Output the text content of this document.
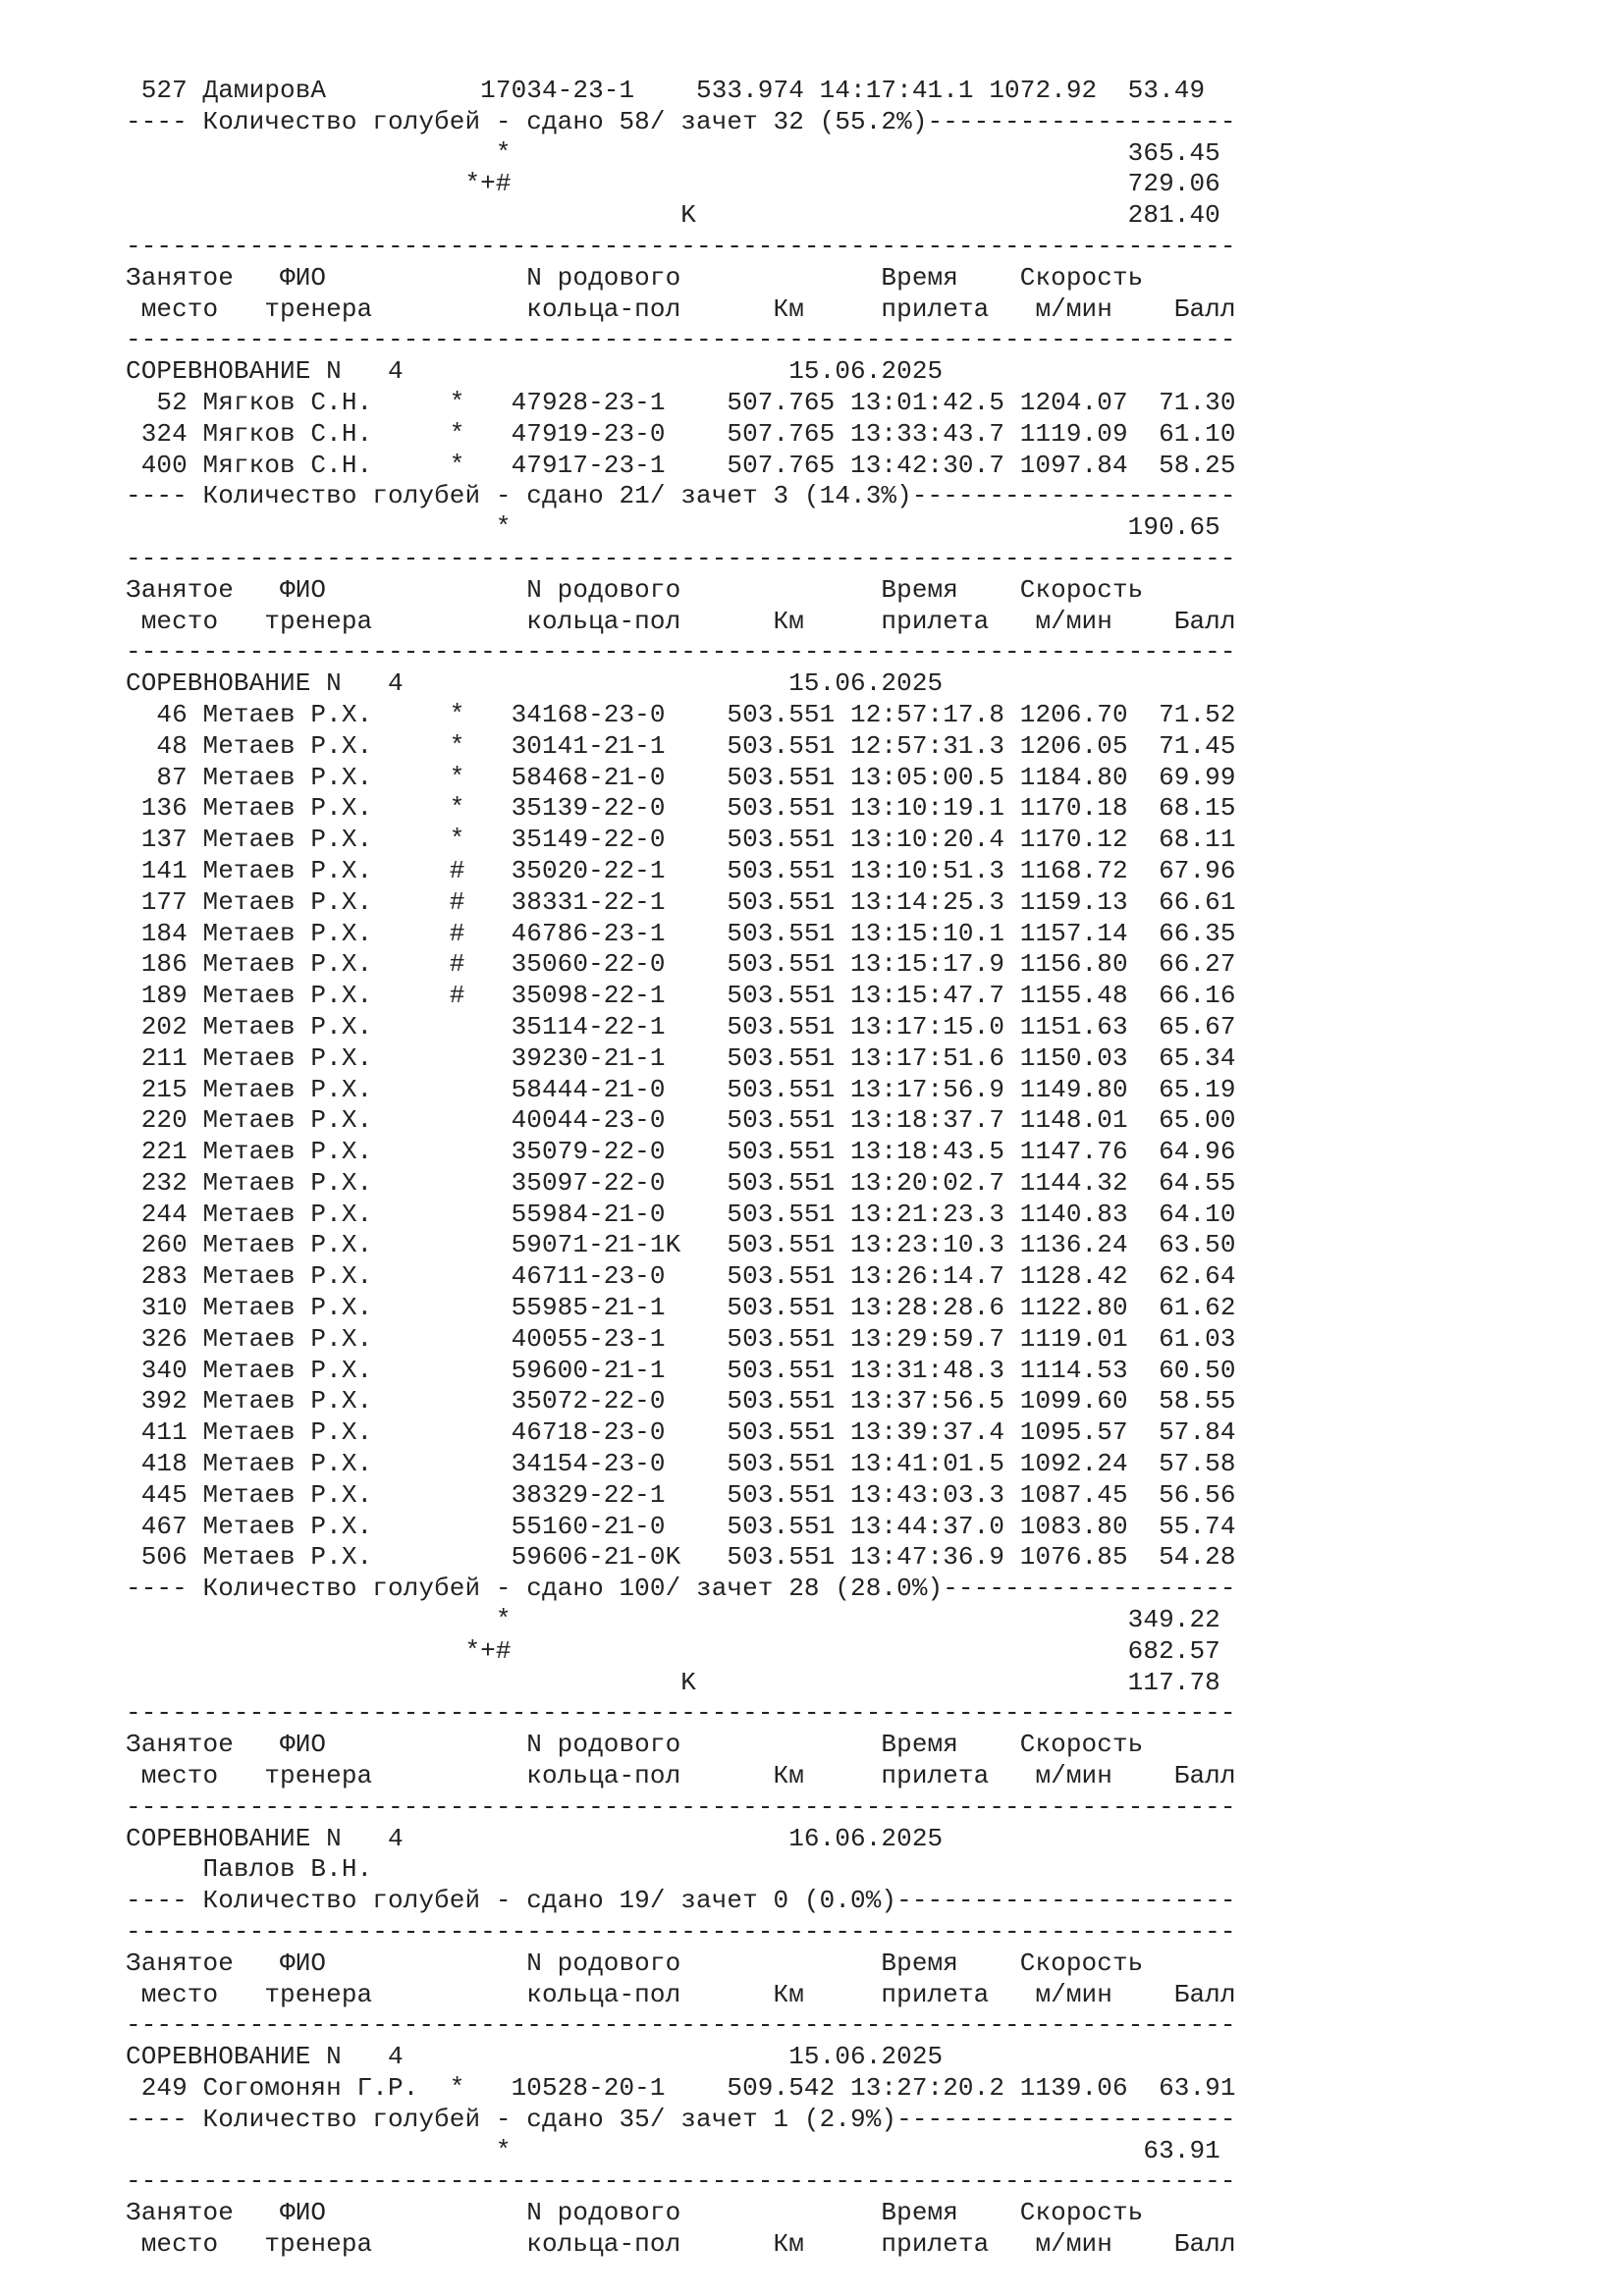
527 ДамировА          17034-23-1    533.974 14:17:41.1 1072.92  53.49
---- Количество голубей - сдано 58/ зачет 32 (55.2%)--------------------
*                                        365.45
*+#                                        729.06
K                            281.40
------------------------------------------------------------------------
Занятое   ФИО             N родового             Время    Скорость
место   тренера          кольца-пол      Км     прилета   м/мин    Балл
------------------------------------------------------------------------
СОРЕВНОВАНИЕ N   4                         15.06.2025
52 Мягков С.Н.     *   47928-23-1    507.765 13:01:42.5 1204.07  71.30
324 Мягков С.Н.     *   47919-23-0    507.765 13:33:43.7 1119.09  61.10
400 Мягков С.Н.     *   47917-23-1    507.765 13:42:30.7 1097.84  58.25
---- Количество голубей - сдано 21/ зачет 3 (14.3%)---------------------
*                                        190.65
------------------------------------------------------------------------
Занятое   ФИО             N родового             Время    Скорость
место   тренера          кольца-пол      Км     прилета   м/мин    Балл
------------------------------------------------------------------------
СОРЕВНОВАНИЕ N   4                         15.06.2025
46 Метаев Р.Х.     *   34168-23-0    503.551 12:57:17.8 1206.70  71.52
48 Метаев Р.Х.     *   30141-21-1    503.551 12:57:31.3 1206.05  71.45
87 Метаев Р.Х.     *   58468-21-0    503.551 13:05:00.5 1184.80  69.99
136 Метаев Р.Х.     *   35139-22-0    503.551 13:10:19.1 1170.18  68.15
137 Метаев Р.Х.     *   35149-22-0    503.551 13:10:20.4 1170.12  68.11
141 Метаев Р.Х.     #   35020-22-1    503.551 13:10:51.3 1168.72  67.96
177 Метаев Р.Х.     #   38331-22-1    503.551 13:14:25.3 1159.13  66.61
184 Метаев Р.Х.     #   46786-23-1    503.551 13:15:10.1 1157.14  66.35
186 Метаев Р.Х.     #   35060-22-0    503.551 13:15:17.9 1156.80  66.27
189 Метаев Р.Х.     #   35098-22-1    503.551 13:15:47.7 1155.48  66.16
202 Метаев Р.Х.         35114-22-1    503.551 13:17:15.0 1151.63  65.67
211 Метаев Р.Х.         39230-21-1    503.551 13:17:51.6 1150.03  65.34
215 Метаев Р.Х.         58444-21-0    503.551 13:17:56.9 1149.80  65.19
220 Метаев Р.Х.         40044-23-0    503.551 13:18:37.7 1148.01  65.00
221 Метаев Р.Х.         35079-22-0    503.551 13:18:43.5 1147.76  64.96
232 Метаев Р.Х.         35097-22-0    503.551 13:20:02.7 1144.32  64.55
244 Метаев Р.Х.         55984-21-0    503.551 13:21:23.3 1140.83  64.10
260 Метаев Р.Х.         59071-21-1K   503.551 13:23:10.3 1136.24  63.50
283 Метаев Р.Х.         46711-23-0    503.551 13:26:14.7 1128.42  62.64
310 Метаев Р.Х.         55985-21-1    503.551 13:28:28.6 1122.80  61.62
326 Метаев Р.Х.         40055-23-1    503.551 13:29:59.7 1119.01  61.03
340 Метаев Р.Х.         59600-21-1    503.551 13:31:48.3 1114.53  60.50
392 Метаев Р.Х.         35072-22-0    503.551 13:37:56.5 1099.60  58.55
411 Метаев Р.Х.         46718-23-0    503.551 13:39:37.4 1095.57  57.84
418 Метаев Р.Х.         34154-23-0    503.551 13:41:01.5 1092.24  57.58
445 Метаев Р.Х.         38329-22-1    503.551 13:43:03.3 1087.45  56.56
467 Метаев Р.Х.         55160-21-0    503.551 13:44:37.0 1083.80  55.74
506 Метаев Р.Х.         59606-21-0K   503.551 13:47:36.9 1076.85  54.28
---- Количество голубей - сдано 100/ зачет 28 (28.0%)-------------------
*                                        349.22
*+#                                        682.57
K                            117.78
------------------------------------------------------------------------
Занятое   ФИО             N родового             Время    Скорость
место   тренера          кольца-пол      Км     прилета   м/мин    Балл
------------------------------------------------------------------------
СОРЕВНОВАНИЕ N   4                         16.06.2025
Павлов В.Н.
---- Количество голубей - сдано 19/ зачет 0 (0.0%)----------------------
------------------------------------------------------------------------
Занятое   ФИО             N родового             Время    Скорость
место   тренера          кольца-пол      Км     прилета   м/мин    Балл
------------------------------------------------------------------------
СОРЕВНОВАНИЕ N   4                         15.06.2025
249 Согомонян Г.Р.  *   10528-20-1    509.542 13:27:20.2 1139.06  63.91
---- Количество голубей - сдано 35/ зачет 1 (2.9%)----------------------
*                                         63.91
------------------------------------------------------------------------
Занятое   ФИО             N родового             Время    Скорость
место   тренера          кольца-пол      Км     прилета   м/мин    Балл
